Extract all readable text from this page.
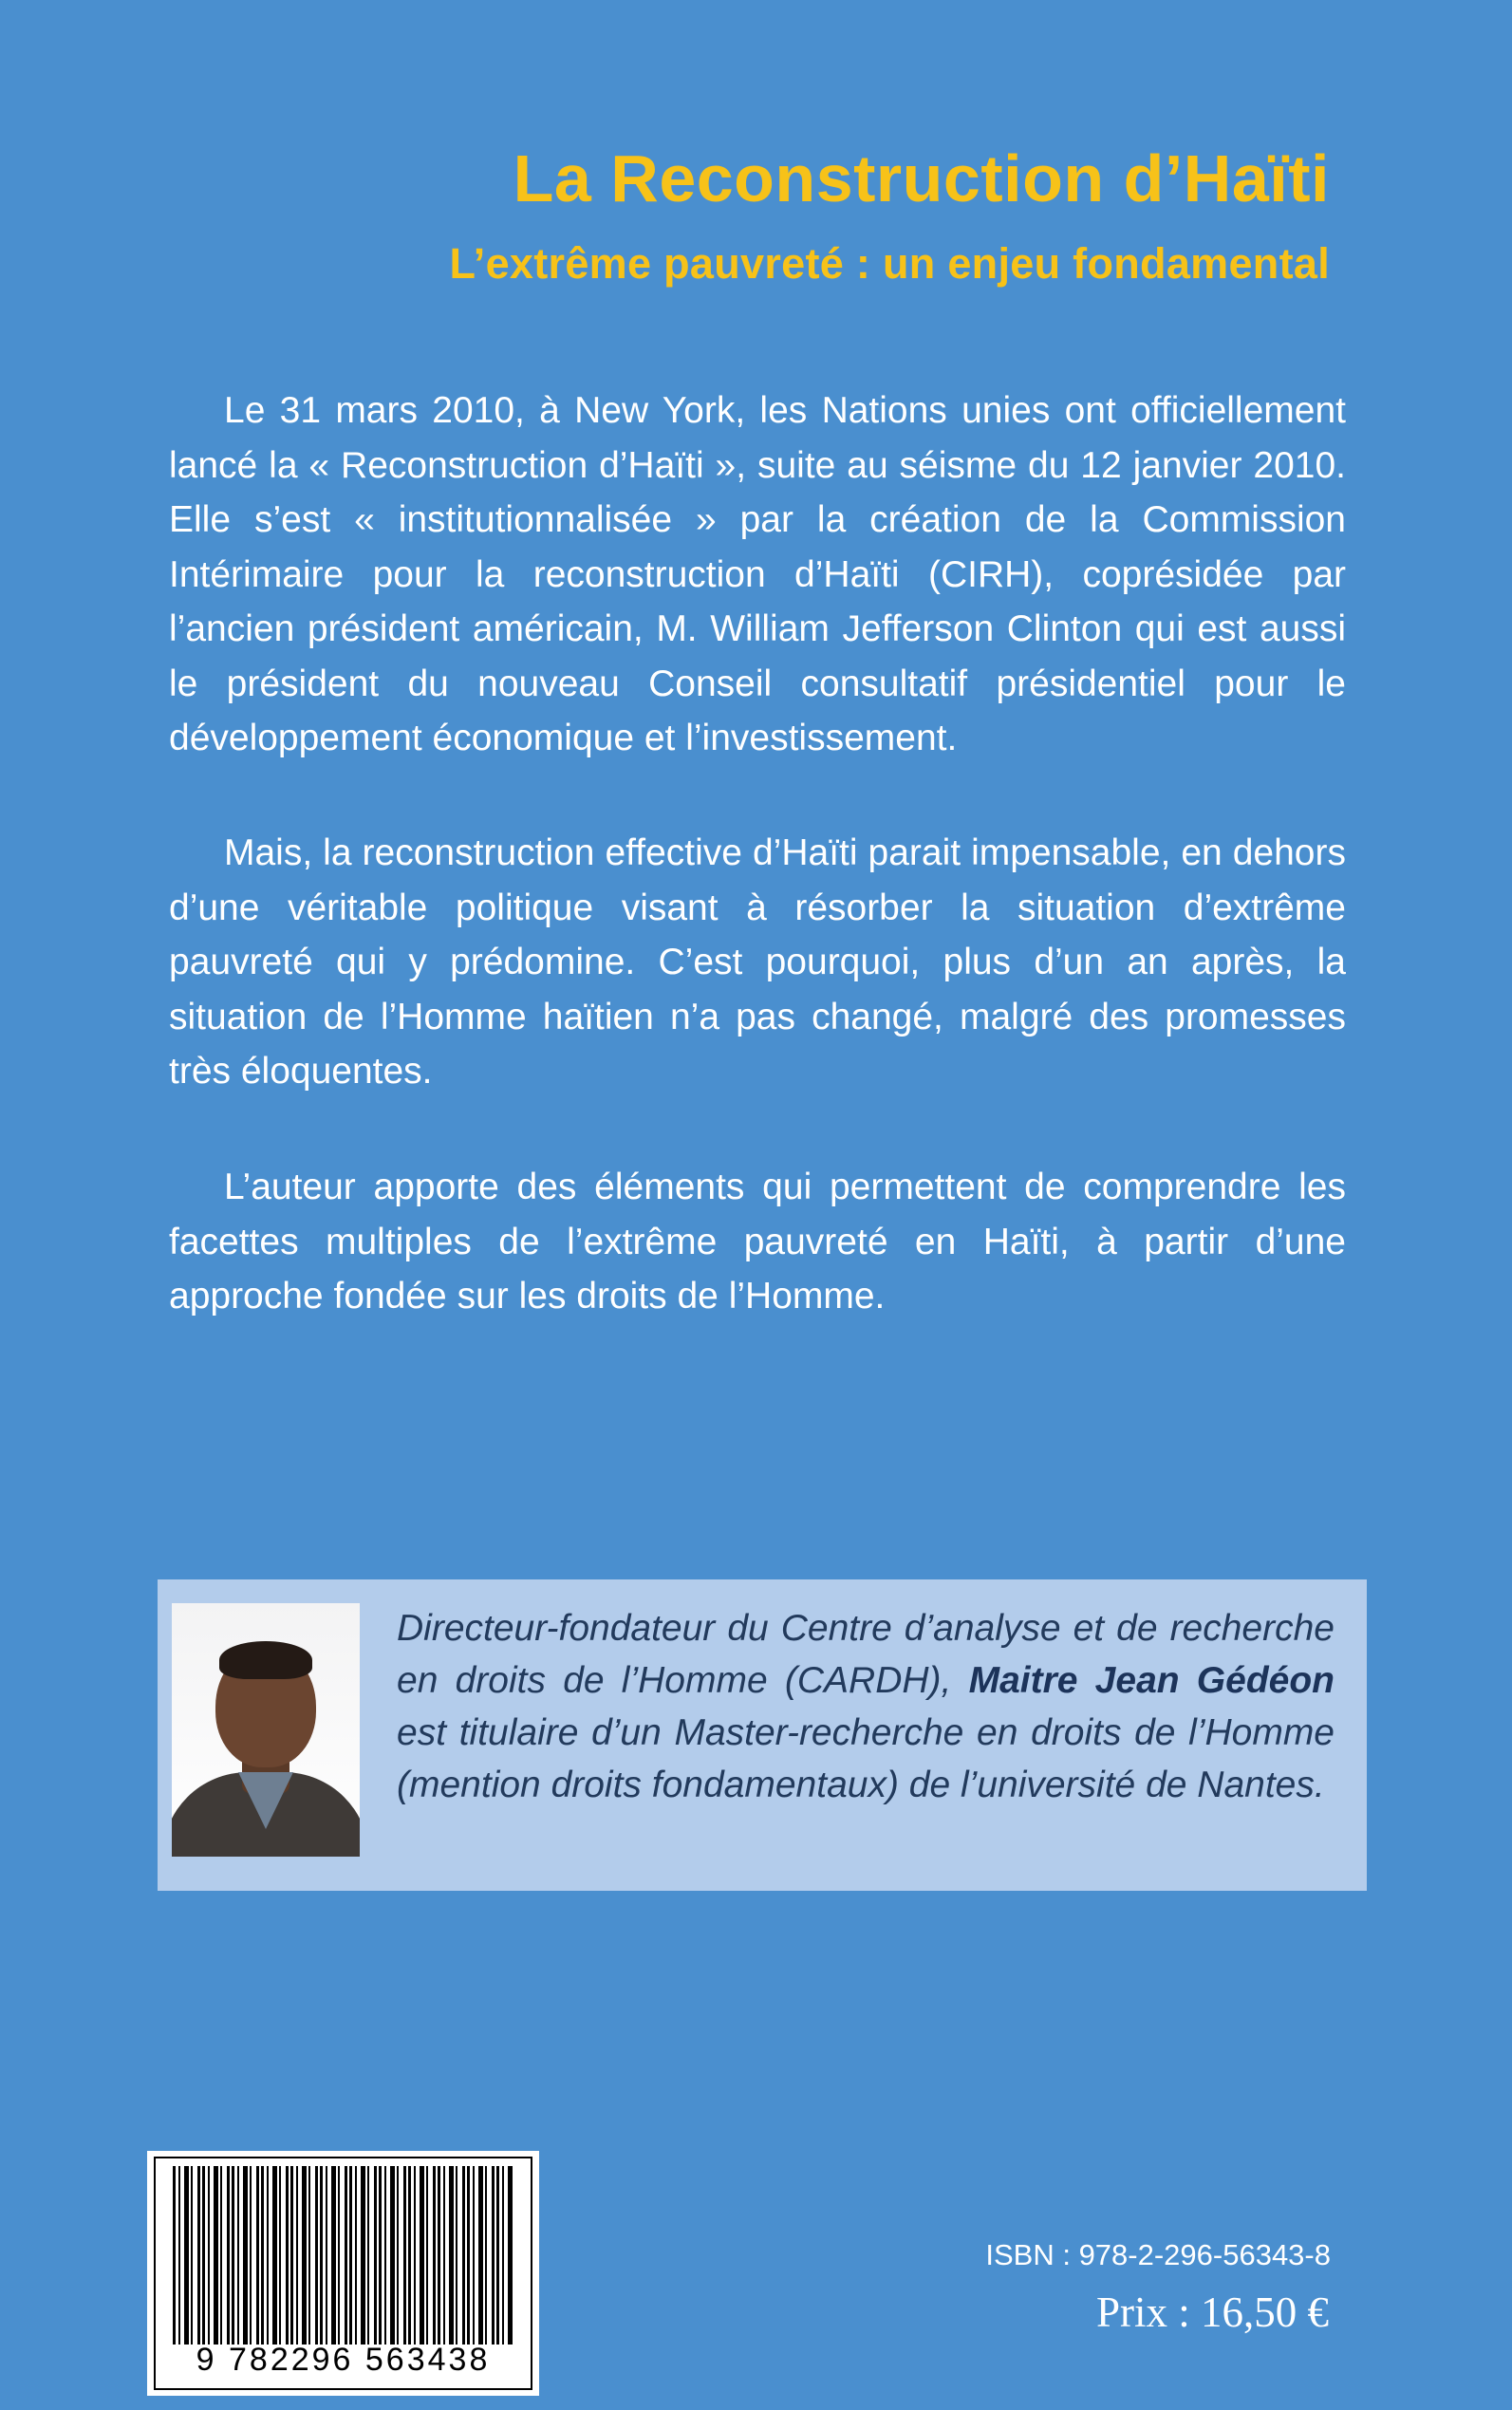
La Reconstruction d’Haïti
L’extrême pauvreté : un enjeu fondamental

Le 31 mars 2010, à New York, les Nations unies ont officiellement lancé la « Reconstruction d’Haïti », suite au séisme du 12 janvier 2010. Elle s’est « institutionnalisée » par la création de la Commission Intérimaire pour la reconstruction d’Haïti (CIRH), coprésidée par l’ancien président américain, M. William Jefferson Clinton qui est aussi le président du nouveau Conseil consultatif présidentiel pour le développement économique et l’investissement.

Mais, la reconstruction effective d’Haïti parait impensable, en dehors d’une véritable politique visant à résorber la situation d’extrême pauvreté qui y prédomine. C’est pourquoi, plus d’un an après, la situation de l’Homme haïtien n’a pas changé, malgré des promesses très éloquentes.

L’auteur apporte des éléments qui permettent de comprendre les facettes multiples de l’extrême pauvreté en Haïti, à partir d’une approche fondée sur les droits de l’Homme.

Directeur-fondateur du Centre d’analyse et de recherche en droits de l’Homme (CARDH), Maitre Jean Gédéon est titulaire d’un Master-recherche en droits de l’Homme (mention droits fondamentaux) de l’université de Nantes.

9 782296 563438

ISBN : 978-2-296-56343-8

Prix : 16,50 €
